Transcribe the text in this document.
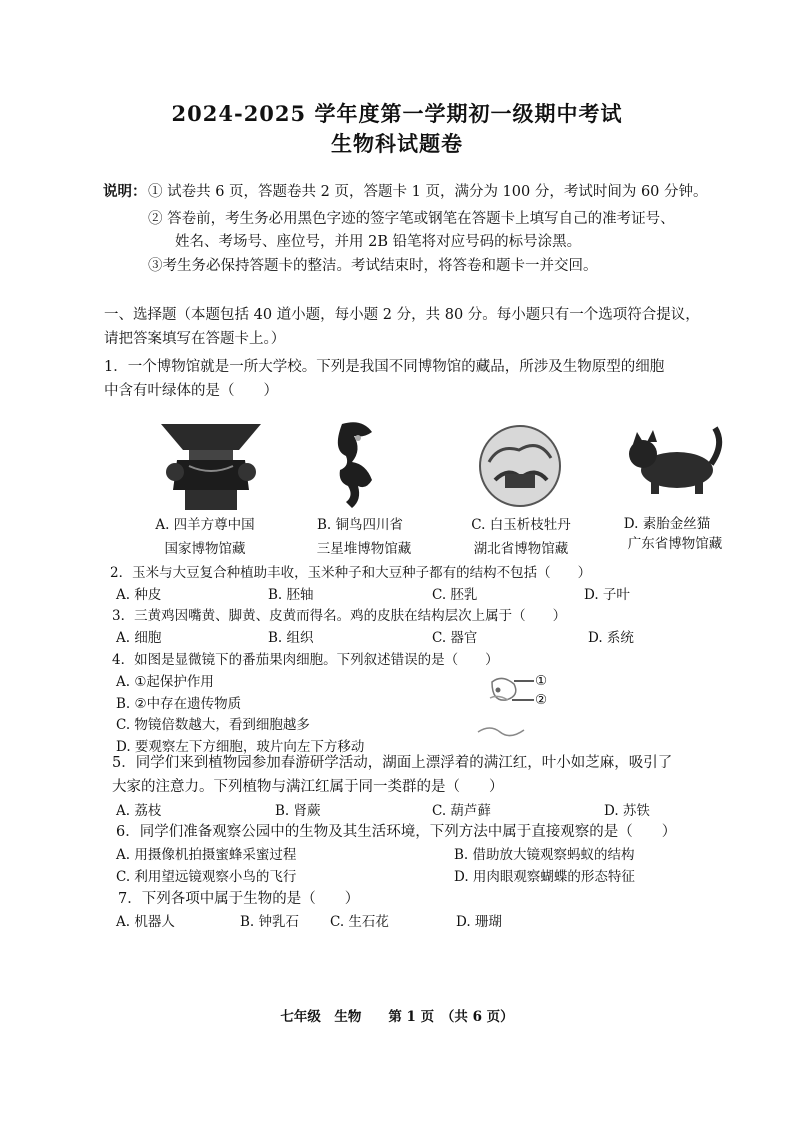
2024-2025 学年度第一学期初一级期中考试
生物科试题卷
说明： ① 试卷共 6 页，答题卷共 2 页，答题卡 1 页，满分为 100 分，考试时间为 60 分钟。
② 答卷前，考生务必用黑色字迹的签字笔或钢笔在答题卡上填写自己的准考证号、
姓名、考场号、座位号，并用 2B 铅笔将对应号码的标号涂黑。
③考生务必保持答题卡的整洁。考试结束时，将答卷和题卡一并交回。
一、选择题（本题包括 40 道小题，每小题 2 分，共 80 分。每小题只有一个选项符合提议，
请把答案填写在答题卡上。）
1．一个博物馆就是一所大学校。下列是我国不同博物馆的藏品，所涉及生物原型的细胞
中含有叶绿体的是（　　）
A. 四羊方尊中国
国家博物馆藏
B. 铜鸟四川省
三星堆博物馆藏
C. 白玉析枝牡丹
湖北省博物馆藏
D. 素胎金丝猫
广东省博物馆藏
2．玉米与大豆复合种植助丰收，玉米种子和大豆种子都有的结构不包括（　　）
A. 种皮	B. 胚轴	C. 胚乳	D. 子叶
3．三黄鸡因嘴黄、脚黄、皮黄而得名。鸡的皮肤在结构层次上属于（　　）
A. 细胞	B. 组织	C. 器官	D. 系统
4．如图是显微镜下的番茄果肉细胞。下列叙述错误的是（　　）
A. ①起保护作用
B. ②中存在遗传物质
C. 物镜倍数越大，看到细胞越多
D. 要观察左下方细胞，玻片向左下方移动
①
②
5．同学们来到植物园参加春游研学活动，湖面上漂浮着的满江红，叶小如芝麻，吸引了
大家的注意力。下列植物与满江红属于同一类群的是（　　）
A. 荔枝	B. 肾蕨	C. 葫芦藓	D. 苏铁
6．同学们准备观察公园中的生物及其生活环境，下列方法中属于直接观察的是（　　）
A. 用摄像机拍摄蜜蜂采蜜过程	B. 借助放大镜观察蚂蚁的结构
C. 利用望远镜观察小鸟的飞行	D. 用肉眼观察蝴蝶的形态特征
7．下列各项中属于生物的是（　　）
A. 机器人	B. 钟乳石 C. 生石花	D. 珊瑚
七年级　生物　　第 1 页　（共 6 页）
